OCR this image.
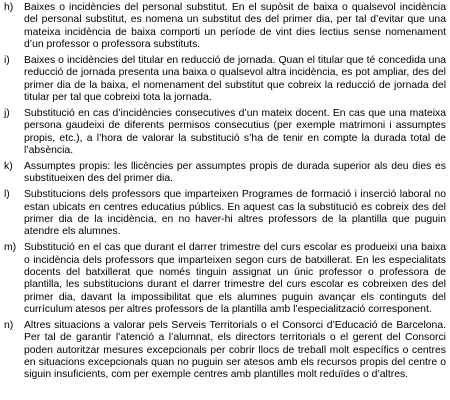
h)	Baixes o incidències del personal substitut. En el supòsit de baixa o qualsevol incidència del personal substitut, es nomena un substitut des del primer dia, per tal d’evitar que una mateixa incidència de baixa comporti un període de vint dies lectius sense nomenament d’un professor o professora substituts.
i)	Baixes o incidències del titular en reducció de jornada. Quan el titular que té concedida una reducció de jornada presenta una baixa o qualsevol altra incidència, es pot ampliar, des del primer dia de la baixa, el nomenament del substitut que cobreix la reducció de jornada del titular per tal que cobreixi tota la jornada.
j)	Substitució en cas d’incidències consecutives d’un mateix docent. En cas que una mateixa persona gaudeixi de diferents permisos consecutius (per exemple matrimoni i assumptes propis, etc.), a l’hora de valorar la substitució s’ha de tenir en compte la durada total de l’absència.
k)	Assumptes propis: les llicències per assumptes propis de durada superior als deu dies es substitueixen des del primer dia.
l)	Substitucions dels professors que imparteixen Programes de formació i inserció laboral no estan ubicats en centres educatius públics. En aquest cas la substitució es cobreix des del primer dia de la incidència, en no haver-hi altres professors de la plantilla que puguin atendre els alumnes.
m) Substitució en el cas que durant el darrer trimestre del curs escolar es produeixi una baixa o incidència dels professors que imparteixen segon curs de batxillerat. En les especialitats docents del batxillerat que només tinguin assignat un únic professor o professora de plantilla, les substitucions durant el darrer trimestre del curs escolar es cobreixen des del primer dia, davant la impossibilitat que els alumnes puguin avançar els continguts del currículum atesos per altres professors de la plantilla amb l’especialització corresponent.
n)	Altres situacions a valorar pels Serveis Territorials o el Consorci d’Educació de Barcelona. Per tal de garantir l’atenció a l’alumnat, els directors territorials o el gerent del Consorci poden autoritzar mesures excepcionals per cobrir llocs de treball molt específics o centres en situacions excepcionals quan no puguin ser atesos amb els recursos propis del centre o siguin insuficients, com per exemple centres amb plantilles molt reduïdes o d’altres.
